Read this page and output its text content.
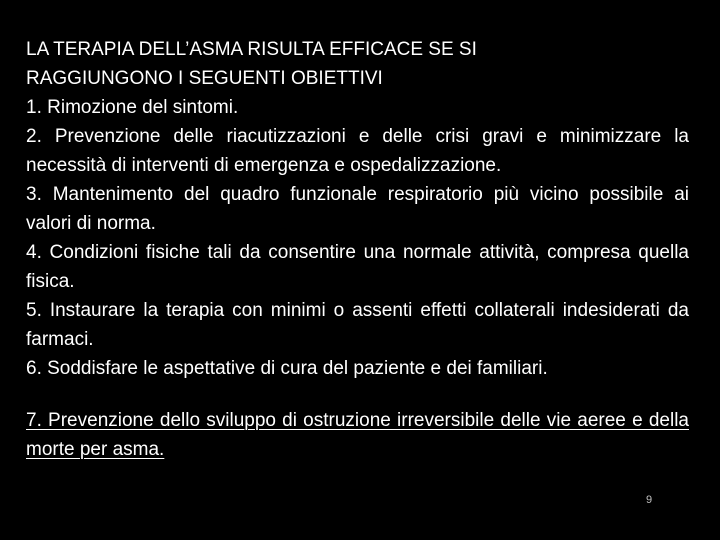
LA TERAPIA DELL’ASMA RISULTA EFFICACE SE SI

RAGGIUNGONO I SEGUENTI OBIETTIVI

1. Rimozione del sintomi.

2. Prevenzione delle riacutizzazioni e delle crisi gravi e minimizzare la necessità di interventi di emergenza e ospedalizzazione.

3. Mantenimento del quadro funzionale respiratorio più vicino possibile ai valori di norma.

4. Condizioni fisiche tali da consentire una normale attività, compresa quella fisica.

5. Instaurare la terapia con minimi o assenti effetti collaterali indesiderati da farmaci.

6. Soddisfare le aspettative di cura del paziente e dei familiari.

7. Prevenzione dello sviluppo di ostruzione irreversibile delle vie aeree e della morte per asma.

9
